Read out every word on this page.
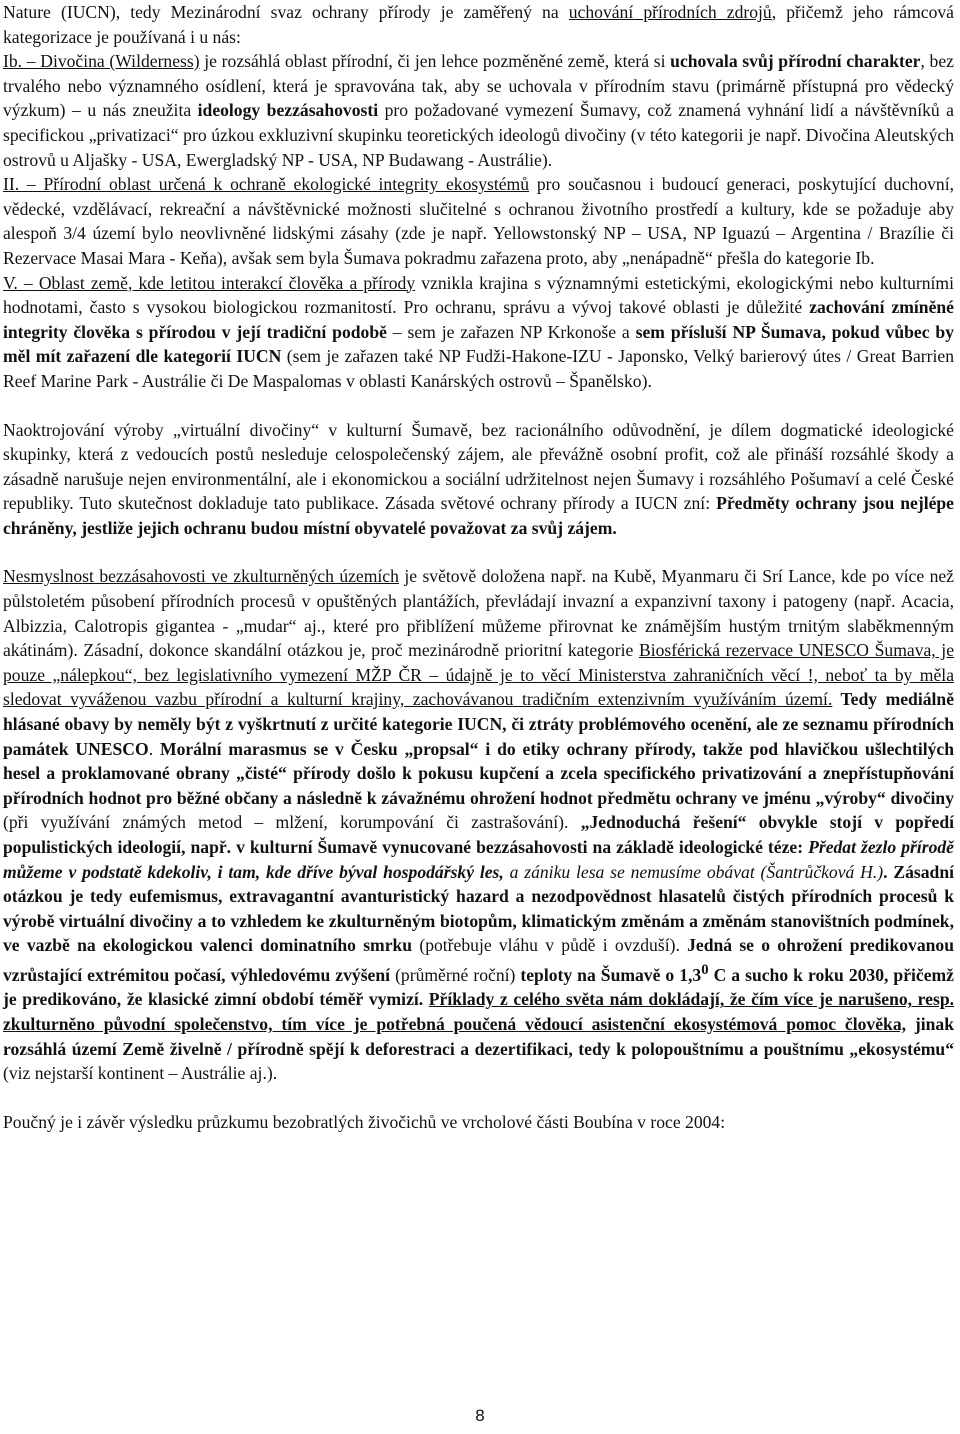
Nature (IUCN), tedy Mezinárodní svaz ochrany přírody je zaměřený na uchování přírodních zdrojů, přičemž jeho rámcová kategorizace je používaná i u nás:

Ib. – Divočina (Wilderness) je rozsáhlá oblast přírodní, či jen lehce pozměněné země, která si uchovala svůj přírodní charakter, bez trvalého nebo významného osídlení, která je spravována tak, aby se uchovala v přírodním stavu (primárně přístupná pro vědecký výzkum) – u nás zneužita ideology bezzásahovosti pro požadované vymezení Šumavy, což znamená vyhnání lidí a návštěvníků a specifickou „privatizaci“ pro úzkou exkluzivní skupinku teoretických ideologů divočiny (v této kategorii je např. Divočina Aleutských ostrovů u Aljašky - USA, Ewergladský NP - USA, NP Budawang - Austrálie).

II. – Přírodní oblast určená k ochraně ekologické integrity ekosystémů pro současnou i budoucí generaci, poskytující duchovní, vědecké, vzdělávací, rekreační a návštěvnické možnosti slučitelné s ochranou životního prostředí a kultury, kde se požaduje aby alespoň 3/4 území bylo neovlivněné lidskými zásahy (zde je např. Yellowstonský NP – USA, NP Iguazú – Argentina / Brazílie či Rezervace Masai Mara - Keňa), avšak sem byla Šumava pokradmu zařazena proto, aby „nenápadně“ přešla do kategorie Ib.

V. – Oblast země, kde letitou interakcí člověka a přírody vznikla krajina s významnými estetickými, ekologickými nebo kulturními hodnotami, často s vysokou biologickou rozmanitostí. Pro ochranu, správu a vývoj takové oblasti je důležité zachování zmíněné integrity člověka s přírodou v její tradiční podobě – sem je zařazen NP Krkonoše a sem přísluší NP Šumava, pokud vůbec by měl mít zařazení dle kategorií IUCN (sem je zařazen také NP Fudži-Hakone-IZU - Japonsko, Velký barierový útes / Great Barrien Reef Marine Park - Austrálie či De Maspalomas v oblasti Kanárských ostrovů – Španělsko).

Naoktrojování výroby „virtuální divočiny“ v kulturní Šumavě, bez racionálního odůvodnění, je dílem dogmatické ideologické skupinky, která z vedoucích postů nesleduje celospolečenský zájem, ale převážně osobní profit, což ale přináší rozsáhlé škody a zásadně narušuje nejen environmentální, ale i ekonomickou a sociální udržitelnost nejen Šumavy i rozsáhlého Pošumaví a celé České republiky. Tuto skutečnost dokladuje tato publikace. Zásada světové ochrany přírody a IUCN zní: Předměty ochrany jsou nejlépe chráněny, jestliže jejich ochranu budou místní obyvatelé považovat za svůj zájem.

Nesmyslnost bezzásahovosti ve zkulturněných územích je světově doložena např. na Kubě, Myanmaru či Srí Lance, kde po více než půlstoletém působení přírodních procesů v opuštěných plantážích, převládají invazní a expanzivní taxony i patogeny (např. Acacia, Albizzia, Calotropis gigantea - „mudar“ aj., které pro přiblížení můžeme přirovnat ke známějším hustým trnitým slaběkmenným akátinám). Zásadní, dokonce skandální otázkou je, proč mezinárodně prioritní kategorie Biosférická rezervace UNESCO Šumava, je pouze „nálepkou“, bez legislativního vymezení MŽP ČR – údajně je to věcí Ministerstva zahraničních věcí !, neboť ta by měla sledovat vyváženou vazbu přírodní a kulturní krajiny, zachovávanou tradičním extenzivním využíváním území. Tedy mediálně hlásané obavy by neměly být z vyškrtnutí z určité kategorie IUCN, či ztráty problémového ocenění, ale ze seznamu přírodních památek UNESCO. Morální marasmus se v Česku „propsal“ i do etiky ochrany přírody, takže pod hlavičkou ušlechtilých hesel a proklamované obrany „čisté“ přírody došlo k pokusu kupčení a zcela specifického privatizování a znepřístupňování přírodních hodnot pro běžné občany a následně k závažnému ohrožení hodnot předmětu ochrany ve jménu „výroby“ divočiny (při využívání známých metod – mlžení, korumpování či zastrašování). „Jednoduchá řešení“ obvykle stojí v popředí populistických ideologií, např. v kulturní Šumavě vynucované bezzásahovosti na základě ideologické téze: Předat žezlo přírodě můžeme v podstatě kdekoliv, i tam, kde dříve býval hospodářský les, a zániku lesa se nemusíme obávat (Šantrůčková H.). Zásadní otázkou je tedy eufemismus, extravagantní avanturistický hazard a nezodpovědnost hlasatelů čistých přírodních procesů k výrobě virtuální divočiny a to vzhledem ke zkulturněným biotopům, klimatickým změnám a změnám stanovištních podmínek, ve vazbě na ekologickou valenci dominatního smrku (potřebuje vláhu v půdě i ovzduší). Jedná se o ohrožení predikovanou vzrůstající extrémitou počasí, výhledovému zvýšení (průměrné roční) teploty na Šumavě o $1,3^0$ C a sucho k roku 2030, přičemž je predikováno, že klasické zimní období téměř vymizí. Příklady z celého světa nám dokládají, že čím více je narušeno, resp. zkulturněno původní společenstvo, tím více je potřebná poučená vědoucí asistenční ekosystémová pomoc člověka, jinak rozsáhlá území Země živelně / přírodně spějí k deforestraci a dezertifikaci, tedy k polopouštnímu a pouštnímu „ekosystému“ (viz nejstarší kontinent – Austrálie aj.).

Poučný je i závěr výsledku průzkumu bezobratlých živočichů ve vrcholové části Boubína v roce 2004:

8
